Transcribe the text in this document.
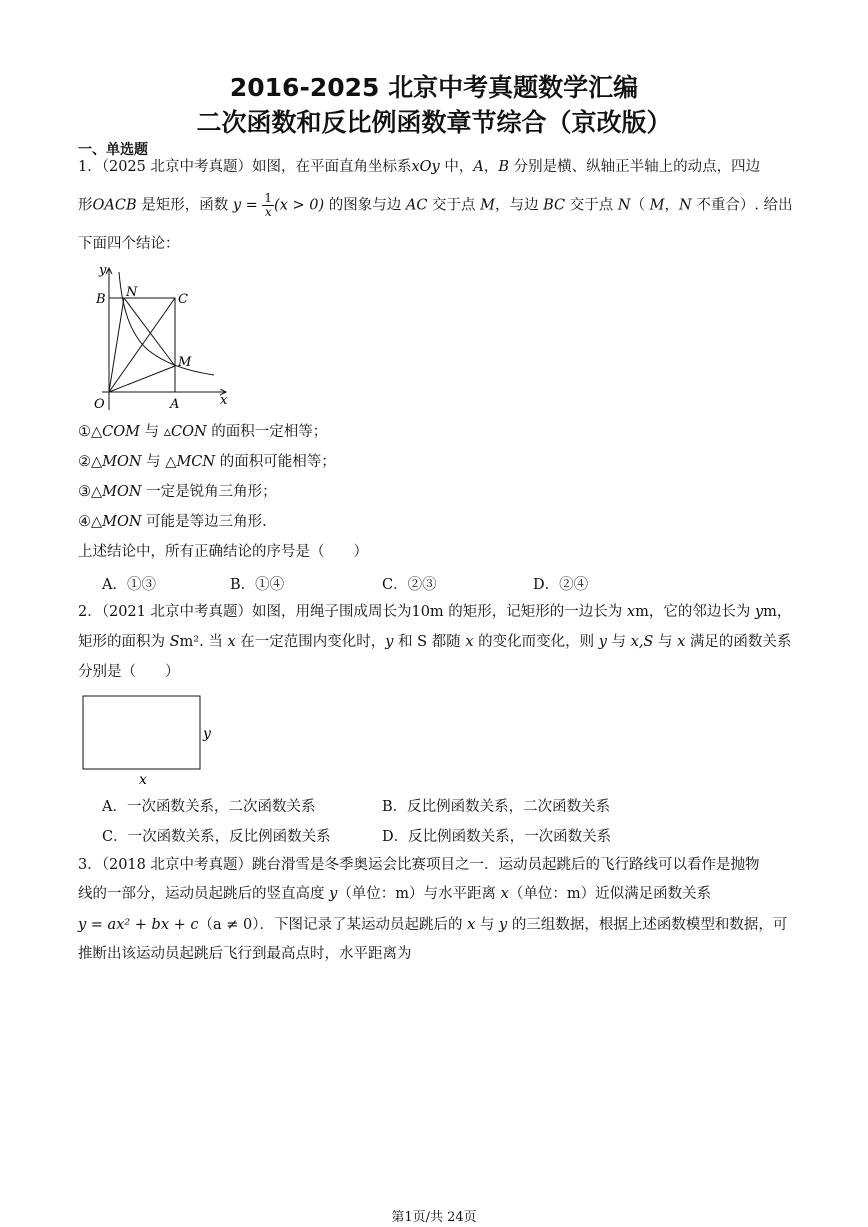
2016-2025 北京中考真题数学汇编
二次函数和反比例函数章节综合（京改版）
一、单选题
1．（2025 北京中考真题）如图，在平面直角坐标系xOy 中，A，B 分别是横、纵轴正半轴上的动点，四边
形OACB 是矩形，函数 $y = \frac{1}{x} (x > 0)$ 的图象与边 AC 交于点 M，与边 BC 交于点 N（ M，N 不重合）. 给出
下面四个结论：
y
x
O	A
B	C
N
M
①△COM 与 ▵CON 的面积一定相等；
②△MON 与 △MCN 的面积可能相等；
③△MON 一定是锐角三角形；
④△MON 可能是等边三角形.
上述结论中，所有正确结论的序号是（　　）
A．①③	B．①④	C．②③	D．②④
2．（2021 北京中考真题）如图，用绳子围成周长为10m 的矩形，记矩形的一边长为 xm，它的邻边长为 ym，
矩形的面积为 Sm². 当 x 在一定范围内变化时，y 和 S 都随 x 的变化而变化，则 y 与 x,S 与 x 满足的函数关系
分别是（　　）
y
x
A．一次函数关系，二次函数关系	B．反比例函数关系，二次函数关系
C．一次函数关系，反比例函数关系	D．反比例函数关系，一次函数关系
3．（2018 北京中考真题）跳台滑雪是冬季奥运会比赛项目之一．运动员起跳后的飞行路线可以看作是抛物
线的一部分，运动员起跳后的竖直高度 y（单位：m）与水平距离 x（单位：m）近似满足函数关系
y = ax² + bx + c（a ≠ 0）．下图记录了某运动员起跳后的 x 与 y 的三组数据，根据上述函数模型和数据，可
推断出该运动员起跳后飞行到最高点时，水平距离为
第1页/共 24页
